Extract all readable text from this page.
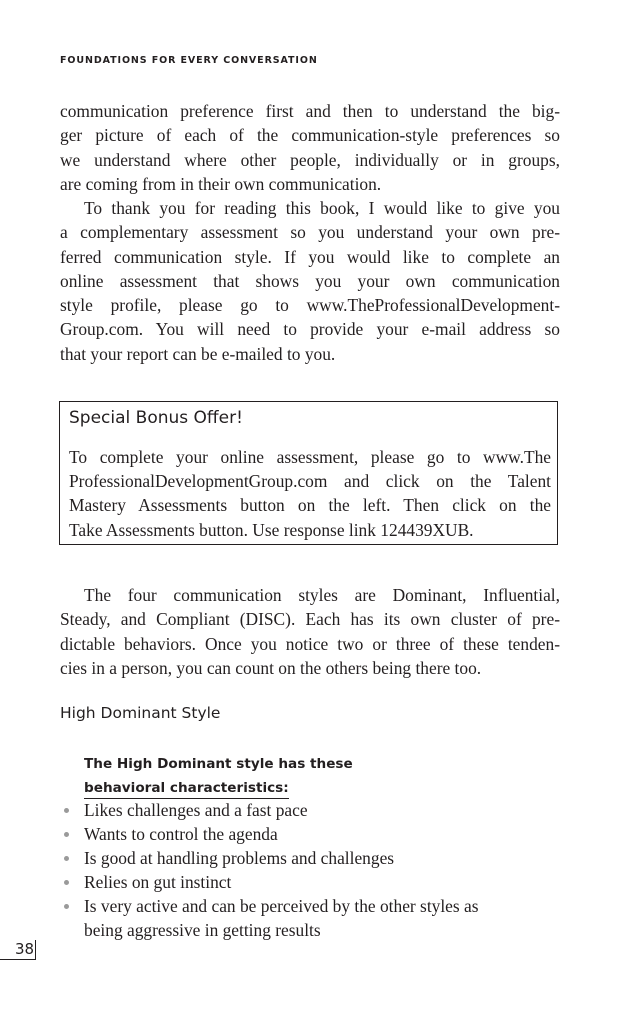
FOUNDATIONS FOR EVERY CONVERSATION
communication preference first and then to understand the big-
ger picture of each of the communication-style preferences so
we understand where other people, individually or in groups,
are coming from in their own communication.
To thank you for reading this book, I would like to give you
a complementary assessment so you understand your own pre-
ferred communication style. If you would like to complete an
online assessment that shows you your own communication
style profile, please go to www.TheProfessionalDevelopment-
Group.com. You will need to provide your e-mail address so
that your report can be e-mailed to you.
Special Bonus Offer!
To complete your online assessment, please go to www.The
ProfessionalDevelopmentGroup.com and click on the Talent
Mastery Assessments button on the left. Then click on the
Take Assessments button. Use response link 124439XUB.
The four communication styles are Dominant, Influential,
Steady, and Compliant (DISC). Each has its own cluster of pre-
dictable behaviors. Once you notice two or three of these tenden-
cies in a person, you can count on the others being there too.
High Dominant Style
The High Dominant style has these
behavioral characteristics:
Likes challenges and a fast pace
Wants to control the agenda
Is good at handling problems and challenges
Relies on gut instinct
Is very active and can be perceived by the other styles as
being aggressive in getting results
38
